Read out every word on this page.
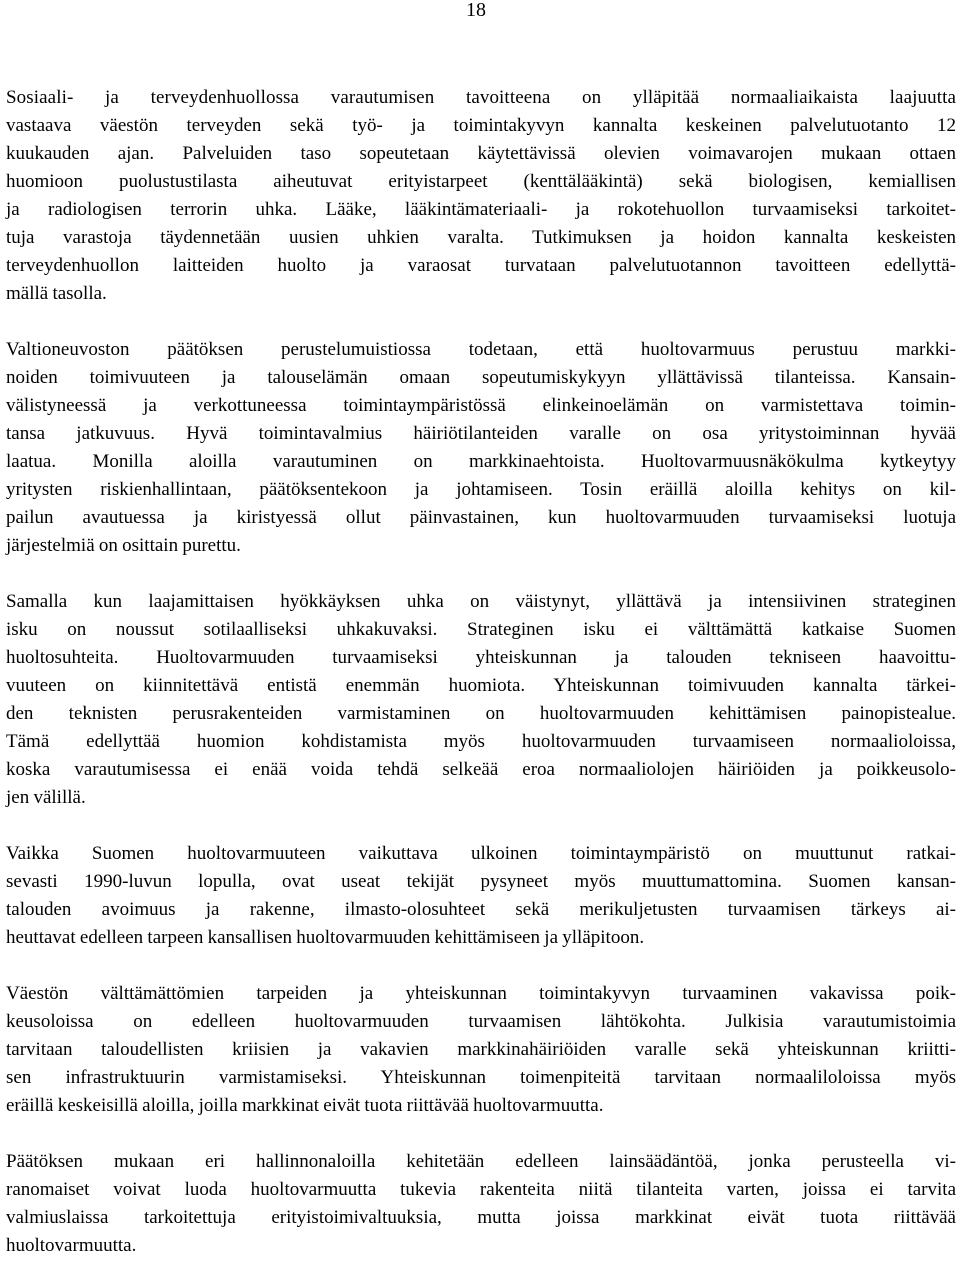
18

Sosiaali- ja terveydenhuollossa varautumisen tavoitteena on ylläpitää normaaliaikaista laajuutta
vastaava väestön terveyden sekä työ- ja toimintakyvyn kannalta keskeinen palvelutuotanto 12
kuukauden ajan. Palveluiden taso sopeutetaan käytettävissä olevien voimavarojen mukaan ottaen
huomioon puolustustilasta aiheutuvat erityistarpeet (kenttälääkintä) sekä biologisen, kemiallisen
ja radiologisen terrorin uhka. Lääke, lääkintämateriaali- ja rokotehuollon turvaamiseksi tarkoitet-
tuja varastoja täydennetään uusien uhkien varalta. Tutkimuksen ja hoidon kannalta keskeisten
terveydenhuollon laitteiden huolto ja varaosat turvataan palvelutuotannon tavoitteen edellyttä-
mällä tasolla.

Valtioneuvoston päätöksen perustelumuistiossa todetaan, että huoltovarmuus perustuu markki-
noiden toimivuuteen ja talouselämän omaan sopeutumiskykyyn yllättävissä tilanteissa. Kansain-
välistyneessä ja verkottuneessa toimintaympäristössä elinkeinoelämän on varmistettava toimin-
tansa jatkuvuus. Hyvä toimintavalmius häiriötilanteiden varalle on osa yritystoiminnan hyvää
laatua. Monilla aloilla varautuminen on markkinaehtoista. Huoltovarmuusnäkökulma kytkeytyy
yritysten riskienhallintaan, päätöksentekoon ja johtamiseen. Tosin eräillä aloilla kehitys on kil-
pailun avautuessa ja kiristyessä ollut päinvastainen, kun huoltovarmuuden turvaamiseksi luotuja
järjestelmiä on osittain purettu.

Samalla kun laajamittaisen hyökkäyksen uhka on väistynyt, yllättävä ja intensiivinen strateginen
isku on noussut sotilaalliseksi uhkakuvaksi. Strateginen isku ei välttämättä katkaise Suomen
huoltosuhteita. Huoltovarmuuden turvaamiseksi yhteiskunnan ja talouden tekniseen haavoittu-
vuuteen on kiinnitettävä entistä enemmän huomiota. Yhteiskunnan toimivuuden kannalta tärkei-
den teknisten perusrakenteiden varmistaminen on huoltovarmuuden kehittämisen painopistealue.
Tämä edellyttää huomion kohdistamista myös huoltovarmuuden turvaamiseen normaalioloissa,
koska varautumisessa ei enää voida tehdä selkeää eroa normaaliolojen häiriöiden ja poikkeusolo-
jen välillä.

Vaikka Suomen huoltovarmuuteen vaikuttava ulkoinen toimintaympäristö on muuttunut ratkai-
sevasti 1990-luvun lopulla, ovat useat tekijät pysyneet myös muuttumattomina. Suomen kansan-
talouden avoimuus ja rakenne, ilmasto-olosuhteet sekä merikuljetusten turvaamisen tärkeys ai-
heuttavat edelleen tarpeen kansallisen huoltovarmuuden kehittämiseen ja ylläpitoon.

Väestön välttämättömien tarpeiden ja yhteiskunnan toimintakyvyn turvaaminen vakavissa poik-
keusoloissa on edelleen huoltovarmuuden turvaamisen lähtökohta. Julkisia varautumistoimia
tarvitaan taloudellisten kriisien ja vakavien markkinahäiriöiden varalle sekä yhteiskunnan kriitti-
sen infrastruktuurin varmistamiseksi. Yhteiskunnan toimenpiteitä tarvitaan normaaliloloissa myös
eräillä keskeisillä aloilla, joilla markkinat eivät tuota riittävää huoltovarmuutta.

Päätöksen mukaan eri hallinnonaloilla kehitetään edelleen lainsäädäntöä, jonka perusteella vi-
ranomaiset voivat luoda huoltovarmuutta tukevia rakenteita niitä tilanteita varten, joissa ei tarvita
valmiuslaissa tarkoitettuja erityistoimivaltuuksia, mutta joissa markkinat eivät tuota riittävää
huoltovarmuutta.
